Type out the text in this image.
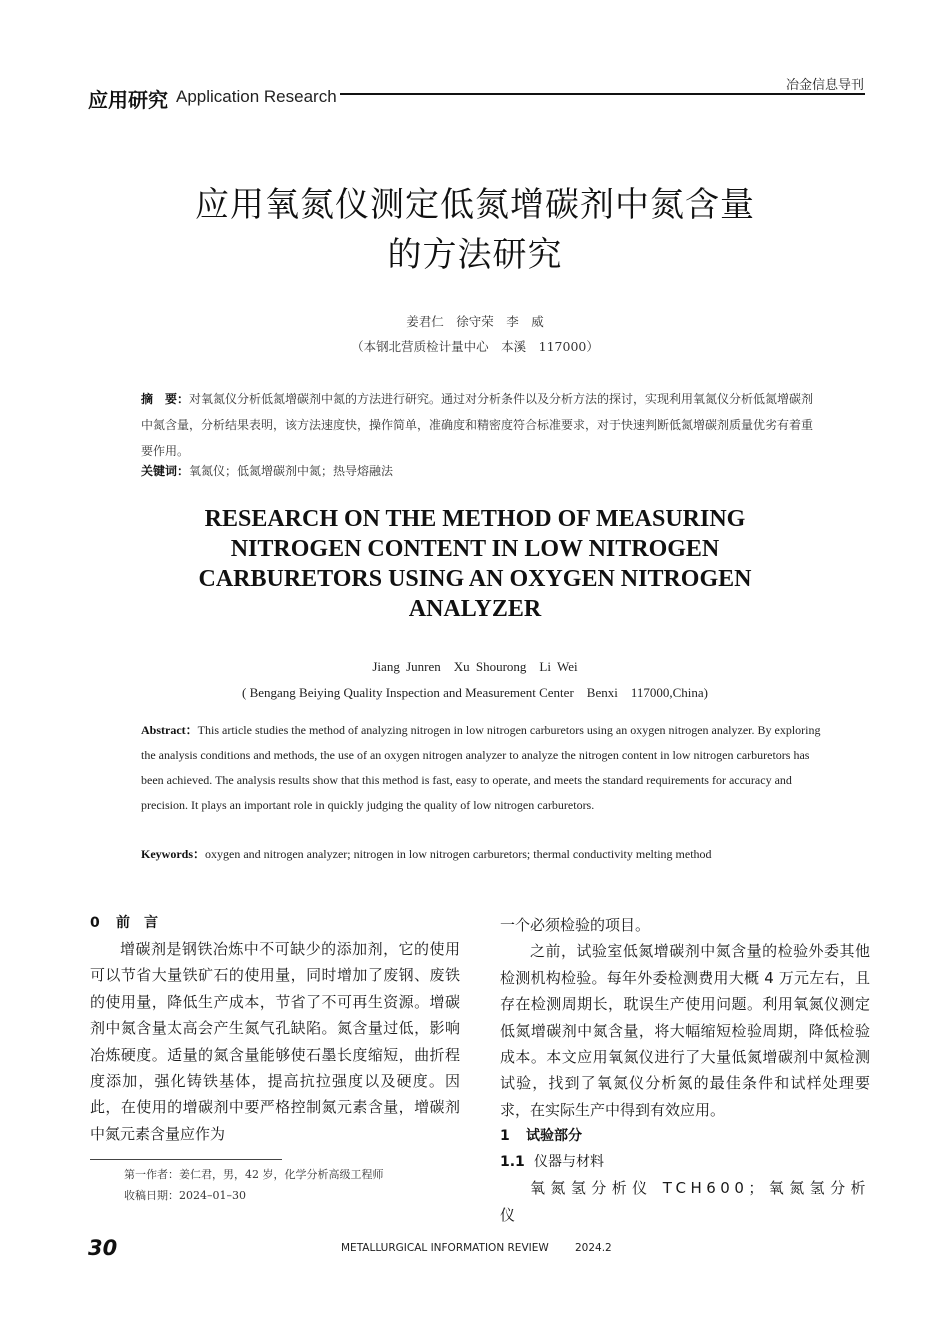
应用研究 Application Research
冶金信息导刊
应用氧氮仪测定低氮增碳剂中氮含量
的方法研究
姜君仁　徐守荣　李　威
（本钢北营质检计量中心　本溪　117000）
摘　要：对氧氮仪分析低氮增碳剂中氮的方法进行研究。通过对分析条件以及分析方法的探讨，实现利用氧氮仪分析低氮增碳剂中氮含量，分析结果表明，该方法速度快，操作简单，准确度和精密度符合标准要求，对于快速判断低氮增碳剂质量优劣有着重要作用。
关键词：氧氮仪；低氮增碳剂中氮；热导熔融法
RESEARCH ON THE METHOD OF MEASURING
NITROGEN CONTENT IN LOW NITROGEN
CARBURETORS USING AN OXYGEN NITROGEN
ANALYZER
Jiang Junren　Xu Shourong　Li Wei
( Bengang Beiying Quality Inspection and Measurement Center　Benxi　117000,China)
Abstract：This article studies the method of analyzing nitrogen in low nitrogen carburetors using an oxygen nitrogen analyzer. By exploring the analysis conditions and methods, the use of an oxygen nitrogen analyzer to analyze the nitrogen content in low nitrogen carburetors has been achieved. The analysis results show that this method is fast, easy to operate, and meets the standard requirements for accuracy and precision. It plays an important role in quickly judging the quality of low nitrogen carburetors.
Keywords：oxygen and nitrogen analyzer; nitrogen in low nitrogen carburetors; thermal conductivity melting method
0 前　言
增碳剂是钢铁冶炼中不可缺少的添加剂，它的使用可以节省大量铁矿石的使用量，同时增加了废钢、废铁的使用量，降低生产成本，节省了不可再生资源。增碳剂中氮含量太高会产生氮气孔缺陷。氮含量过低，影响冶炼硬度。适量的氮含量能够使石墨长度缩短，曲折程度添加，强化铸铁基体，提高抗拉强度以及硬度。因此，在使用的增碳剂中要严格控制氮元素含量，增碳剂中氮元素含量应作为
一个必须检验的项目。
之前，试验室低氮增碳剂中氮含量的检验外委其他检测机构检验。每年外委检测费用大概 4 万元左右，且存在检测周期长，耽误生产使用问题。利用氧氮仪测定低氮增碳剂中氮含量，将大幅缩短检验周期，降低检验成本。本文应用氧氮仪进行了大量低氮增碳剂中氮检测试验，找到了氧氮仪分析氮的最佳条件和试样处理要求，在实际生产中得到有效应用。
1 试验部分
1.1 仪器与材料
氧氮氢分析仪 TCH600；氧氮氢分析仪
第一作者：姜仁君，男，42 岁，化学分析高级工程师
收稿日期：2024–01–30
30	METALLURGICAL INFORMATION REVIEW	2024.2
